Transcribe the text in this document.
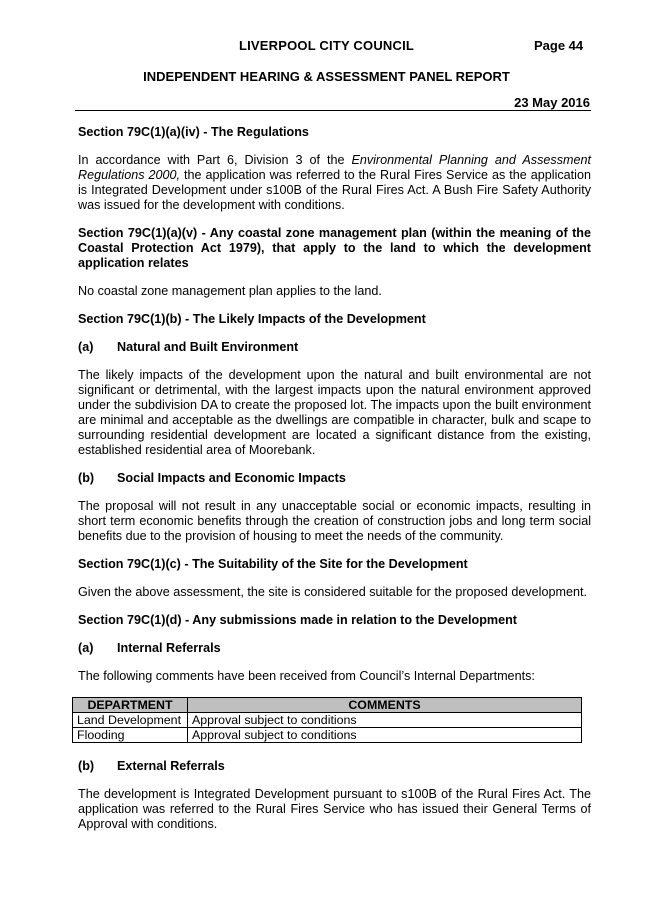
LIVERPOOL CITY COUNCIL	Page 44
INDEPENDENT HEARING & ASSESSMENT PANEL REPORT
23 May 2016

Section 79C(1)(a)(iv) - The Regulations

In accordance with Part 6, Division 3 of the Environmental Planning and Assessment Regulations 2000, the application was referred to the Rural Fires Service as the application is Integrated Development under s100B of the Rural Fires Act. A Bush Fire Safety Authority was issued for the development with conditions.

Section 79C(1)(a)(v) - Any coastal zone management plan (within the meaning of the Coastal Protection Act 1979), that apply to the land to which the development application relates

No coastal zone management plan applies to the land.

Section 79C(1)(b) - The Likely Impacts of the Development

(a)	Natural and Built Environment

The likely impacts of the development upon the natural and built environmental are not significant or detrimental, with the largest impacts upon the natural environment approved under the subdivision DA to create the proposed lot. The impacts upon the built environment are minimal and acceptable as the dwellings are compatible in character, bulk and scape to surrounding residential development are located a significant distance from the existing, established residential area of Moorebank.

(b)	Social Impacts and Economic Impacts

The proposal will not result in any unacceptable social or economic impacts, resulting in short term economic benefits through the creation of construction jobs and long term social benefits due to the provision of housing to meet the needs of the community.

Section 79C(1)(c) - The Suitability of the Site for the Development

Given the above assessment, the site is considered suitable for the proposed development.

Section 79C(1)(d) - Any submissions made in relation to the Development

(a)	Internal Referrals

The following comments have been received from Council’s Internal Departments:

DEPARTMENT	COMMENTS
Land Development	Approval subject to conditions
Flooding	Approval subject to conditions
(b)	External Referrals

The development is Integrated Development pursuant to s100B of the Rural Fires Act. The application was referred to the Rural Fires Service who has issued their General Terms of Approval with conditions.
